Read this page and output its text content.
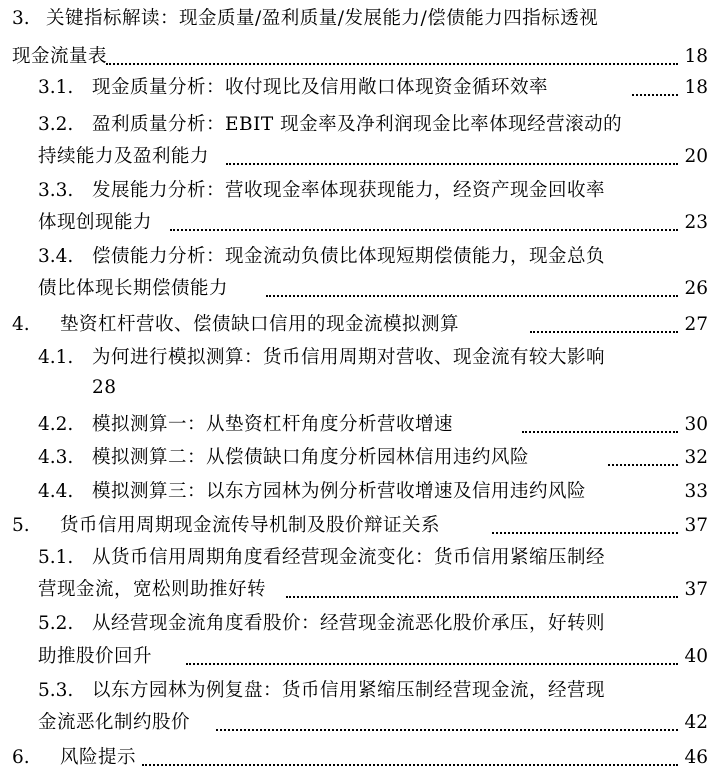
3. 关键指标解读：现金质量/盈利质量/发展能力/偿债能力四指标透视
现金流量表	18
3.1. 现金质量分析：收付现比及信用敞口体现资金循环效率	18
3.2. 盈利质量分析：EBIT 现金率及净利润现金比率体现经营滚动的
持续能力及盈利能力	20
3.3. 发展能力分析：营收现金率体现获现能力，经资产现金回收率
体现创现能力	23
3.4. 偿债能力分析：现金流动负债比体现短期偿债能力，现金总负
债比体现长期偿债能力	26
4. 垫资杠杆营收、偿债缺口信用的现金流模拟测算	27
4.1. 为何进行模拟测算：货币信用周期对营收、现金流有较大影响
28
4.2. 模拟测算一：从垫资杠杆角度分析营收增速	30
4.3. 模拟测算二：从偿债缺口角度分析园林信用违约风险	32
4.4. 模拟测算三：以东方园林为例分析营收增速及信用违约风险	33
5. 货币信用周期现金流传导机制及股价辩证关系	37
5.1. 从货币信用周期角度看经营现金流变化：货币信用紧缩压制经
营现金流，宽松则助推好转	37
5.2. 从经营现金流角度看股价：经营现金流恶化股价承压，好转则
助推股价回升	40
5.3. 以东方园林为例复盘：货币信用紧缩压制经营现金流，经营现
金流恶化制约股价	42
6. 风险提示	46
